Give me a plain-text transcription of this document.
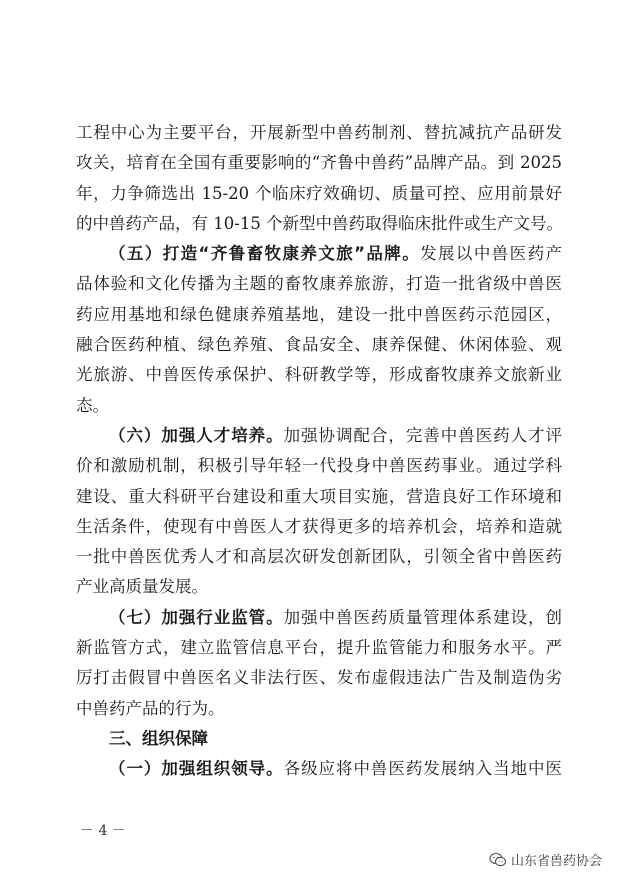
工程中心为主要平台，开展新型中兽药制剂、替抗减抗产品研发
攻关，培育在全国有重要影响的“齐鲁中兽药”品牌产品。到 2025
年，力争筛选出 15-20 个临床疗效确切、质量可控、应用前景好
的中兽药产品，有 10-15 个新型中兽药取得临床批件或生产文号。
（五）打造“齐鲁畜牧康养文旅”品牌。发展以中兽医药产
品体验和文化传播为主题的畜牧康养旅游，打造一批省级中兽医
药应用基地和绿色健康养殖基地，建设一批中兽医药示范园区，
融合医药种植、绿色养殖、食品安全、康养保健、休闲体验、观
光旅游、中兽医传承保护、科研教学等，形成畜牧康养文旅新业
态。
（六）加强人才培养。加强协调配合，完善中兽医药人才评
价和激励机制，积极引导年轻一代投身中兽医药事业。通过学科
建设、重大科研平台建设和重大项目实施，营造良好工作环境和
生活条件，使现有中兽医人才获得更多的培养机会，培养和造就
一批中兽医优秀人才和高层次研发创新团队，引领全省中兽医药
产业高质量发展。
（七）加强行业监管。加强中兽医药质量管理体系建设，创
新监管方式，建立监管信息平台，提升监管能力和服务水平。严
厉打击假冒中兽医名义非法行医、发布虚假违法广告及制造伪劣
中兽药产品的行为。
三、组织保障
（一）加强组织领导。各级应将中兽医药发展纳入当地中医
－ 4 －
山东省兽药协会
